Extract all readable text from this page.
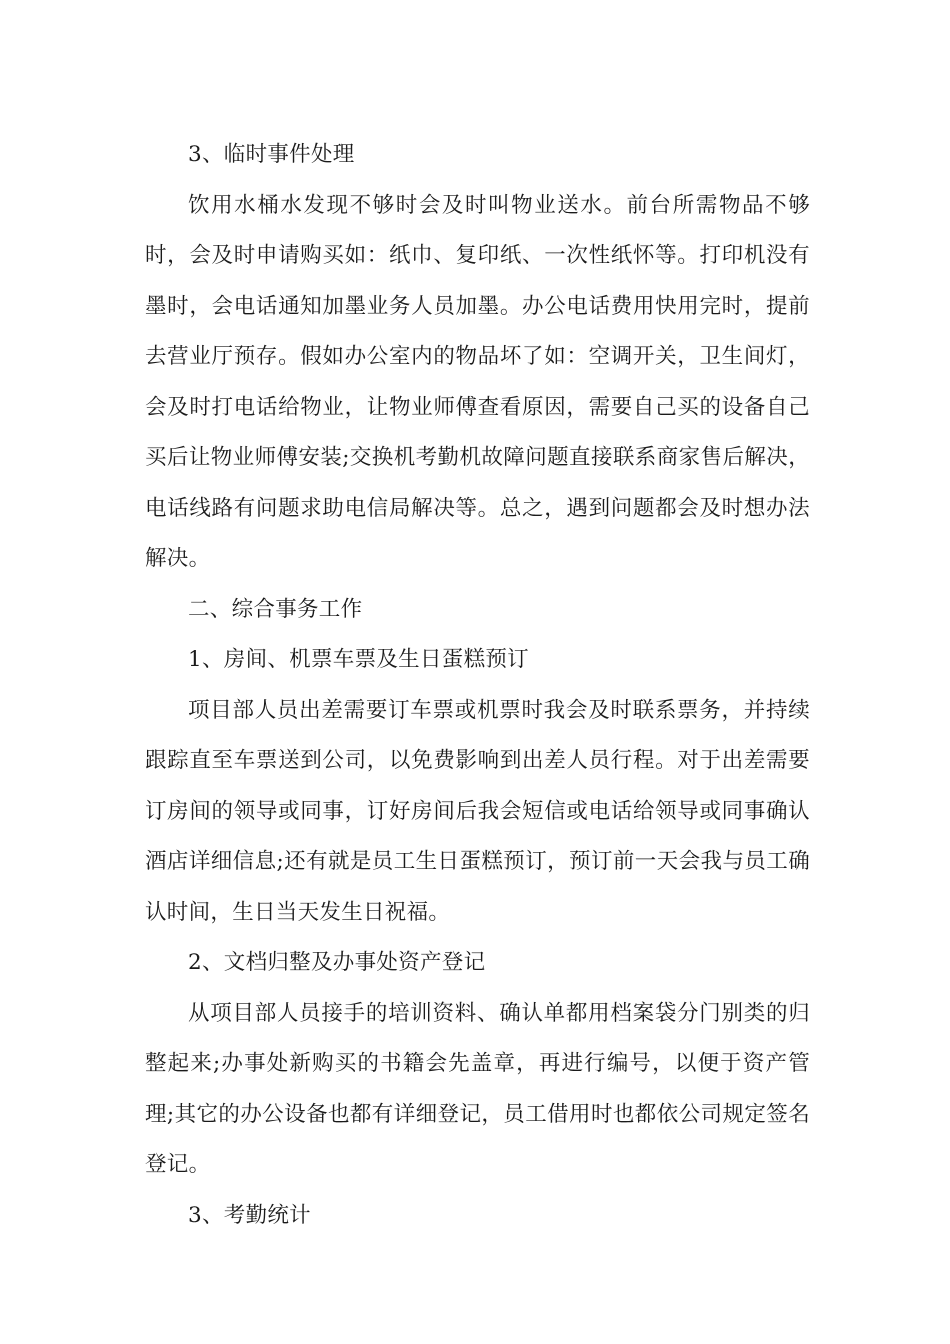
3、临时事件处理

饮用水桶水发现不够时会及时叫物业送水。前台所需物品不够时，会及时申请购买如：纸巾、复印纸、一次性纸怀等。打印机没有墨时，会电话通知加墨业务人员加墨。办公电话费用快用完时，提前去营业厅预存。假如办公室内的物品坏了如：空调开关，卫生间灯，会及时打电话给物业，让物业师傅查看原因，需要自己买的设备自己买后让物业师傅安装;交换机考勤机故障问题直接联系商家售后解决，电话线路有问题求助电信局解决等。总之，遇到问题都会及时想办法解决。

二、综合事务工作

1、房间、机票车票及生日蛋糕预订

项目部人员出差需要订车票或机票时我会及时联系票务，并持续跟踪直至车票送到公司，以免费影响到出差人员行程。对于出差需要订房间的领导或同事，订好房间后我会短信或电话给领导或同事确认酒店详细信息;还有就是员工生日蛋糕预订，预订前一天会我与员工确认时间，生日当天发生日祝福。

2、文档归整及办事处资产登记

从项目部人员接手的培训资料、确认单都用档案袋分门别类的归整起来;办事处新购买的书籍会先盖章，再进行编号，以便于资产管理;其它的办公设备也都有详细登记，员工借用时也都依公司规定签名登记。

3、考勤统计
